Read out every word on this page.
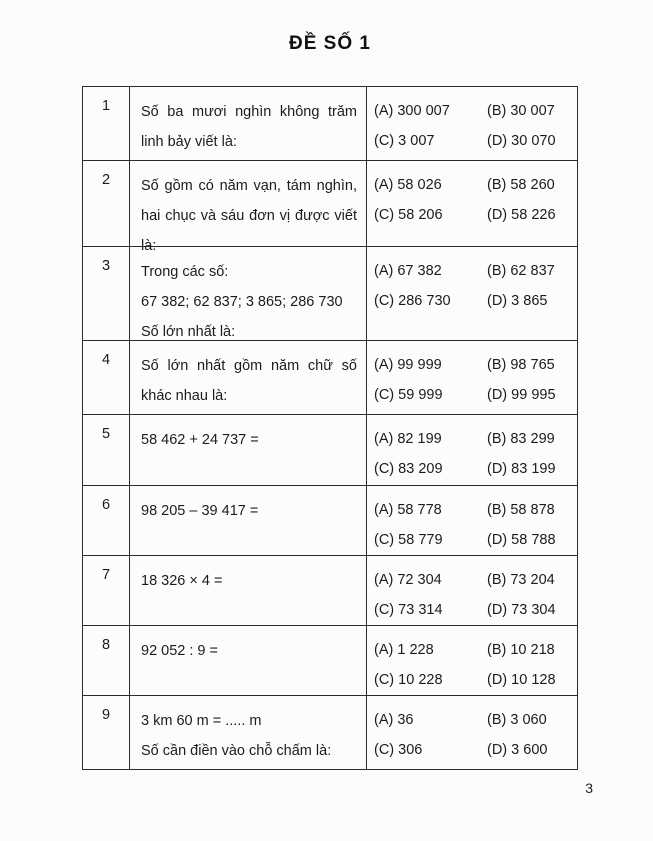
ĐỀ SỐ 1
1	Số ba mươi nghìn không trăm linh bảy viết là:
(A) 300 007	(B) 30 007
(C) 3 007	(D) 30 070
2	Số gồm có năm vạn, tám nghìn, hai chục và sáu đơn vị được viết là:
(A) 58 026	(B) 58 260
(C) 58 206	(D) 58 226
3	Trong các số:
67 382; 62 837; 3 865; 286 730
Số lớn nhất là:
(A) 67 382	(B) 62 837
(C) 286 730	(D) 3 865
4	Số lớn nhất gồm năm chữ số khác nhau là:
(A) 99 999	(B) 98 765
(C) 59 999	(D) 99 995
5	58 462 + 24 737 =	(A) 82 199	(B) 83 299
(C) 83 209	(D) 83 199
6	98 205 – 39 417 =	(A) 58 778	(B) 58 878
(C) 58 779	(D) 58 788
7	18 326 × 4 =	(A) 72 304	(B) 73 204
(C) 73 314	(D) 73 304
8	92 052 : 9 =	(A) 1 228	(B) 10 218
(C) 10 228	(D) 10 128
9	3 km 60 m = ..... m
Số cần điền vào chỗ chấm là:
(A) 36	(B) 3 060
(C) 306	(D) 3 600
3
